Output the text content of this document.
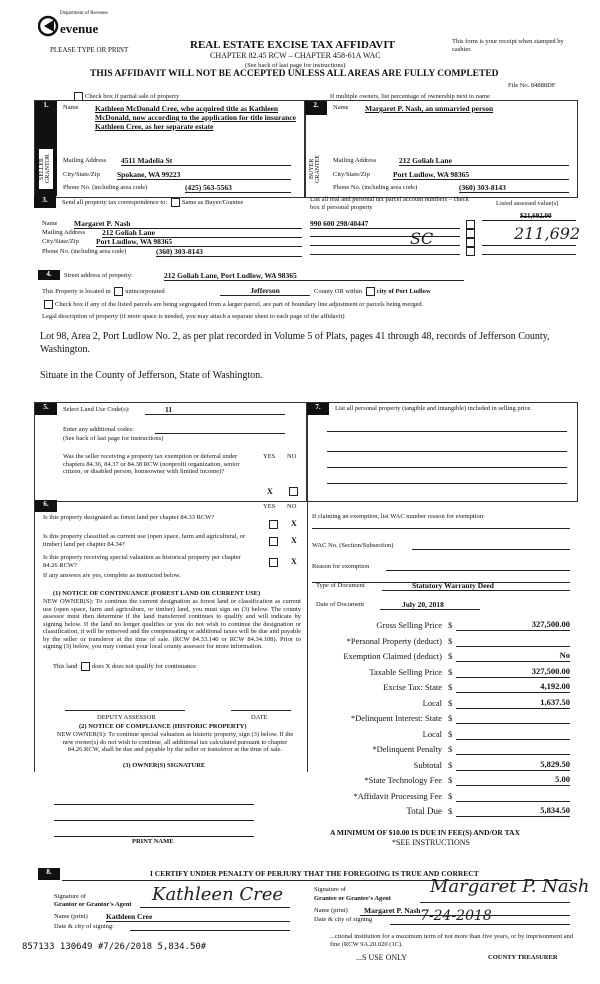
evenue
Department of Revenue
PLEASE TYPE OR PRINT	REAL ESTATE EXCISE TAX AFFIDAVIT
CHAPTER 82.45 RCW – CHAPTER 458-61A WAC
(See back of last page for instructions)
THIS AFFIDAVIT WILL NOT BE ACCEPTED UNLESS ALL AREAS ARE FULLY COMPLETED
This form is your receipt when stamped by cashier.
File No. 84888DF
Check box if partial sale of property	If multiple owners, list percentage of ownership next to name
1.
SELLER GRANTOR
Name Kathleen McDonald Cree, who acquired title as Kathleen McDonald, now according to the application for title insurance Kathleen Cree, as her separate estate
Mailing Address 4511 Madelia St
City/State/Zip Spokane, WA 99223
Phone No. (including area code)	(425) 563-5563
2.
BUYER GRANTEE
Name Margaret P. Nash, an unmarried person
Mailing Address	212 Goliah Lane
City/State/Zip	Port Ludlow, WA 98365
Phone No. (including area code)	(360) 303-8143
3.	Send all property tax correspondence to: Same as Buyer/Grantee
Name Margaret P. Nash
Mailing Address 212 Goliah Lane
City/State/Zip Port Ludlow, WA 98365
Phone No. (including area code)	(360) 303-8143
List all real and personal tax parcel account numbers – check box if personal property	Listed assessed value(s)
990 600 298/40447
$21,692.00
SC	211,692
4.	Street address of property:	212 Goliah Lane, Port Ludlow, WA 98365
This Property is located in unincorporated	Jefferson	County OR within city of Port Ludlow
Check box if any of the listed parcels are being segregated from a larger parcel, are part of boundary line adjustment or parcels being merged.
Legal description of property (if more space is needed, you may attach a separate sheet to each page of the affidavit)
Lot 98, Area 2, Port Ludlow No. 2, as per plat recorded in Volume 5 of Plats, pages 41 through 48, records of Jefferson County, Washington.
Situate in the County of Jefferson, State of Washington.
5.	Select Land Use Code(s):	11
Enter any additional codes:
(See back of last page for instructions)
Was the seller receiving a property tax exemption or deferral under chapters 84.36, 84.37 or 84.38 RCW (nonprofit organization, senior citizen, or disabled person, homeowner with limited income)?
YES NO
X
6.	YES NO
Is this property designated as forest land per chapter 84.33 RCW?
X
Is this property classified as current use (open space, farm and agricultural, or timber) land per chapter 84.34?	X
Is this property receiving special valuation as historical property per chapter 84.26 RCW?	X
If any answers are yes, complete as instructed below.
(1) NOTICE OF CONTINUANCE (FOREST LAND OR CURRENT USE)
NEW OWNER(S): To continue the current designation as forest land or classification as current use (open space, farm and agriculture, or timber) land, you must sign on (3) below. The county assessor must then determine if the land transferred continues to qualify and will indicate by signing below. If the land no longer qualifies or you do not wish to continue the designation or classification, it will be removed and the compensating or additional taxes will be due and payable by the seller or transferor at the time of sale. (RCW 84.33.140 or RCW 84.34.108). Prior to signing (3) below, you may contact your local county assessor for more information.
This land does X does not qualify for continuance
DEPUTY ASSESSOR	DATE
(2) NOTICE OF COMPLIANCE (HISTORIC PROPERTY)
NEW OWNER(S): To continue special valuation as historic property, sign (3) below. If the new owner(s) do not wish to continue, all additional tax calculated pursuant to chapter 84.26 RCW, shall be due and payable by the seller or transferor at the time of sale.
(3) OWNER(S) SIGNATURE
PRINT NAME
7.	List all personal property (tangible and intangible) included in selling price.
If claiming an exemption, list WAC number reason for exemption:
WAC No. (Section/Subsection)
Reason for exemption
Type of Document	Statutory Warranty Deed
Date of Document	July 20, 2018
Gross Selling Price $	327,500.00
*Personal Property (deduct) $
Exemption Claimed (deduct) $	No
Taxable Selling Price $	327,500.00
Excise Tax: State $	4,192.00
Local $	1,637.50
*Delinquent Interest: State $
Local $
*Delinquent Penalty $
Subtotal $	5,829.50
*State Technology Fee $	5.00
*Affidavit Processing Fee $
Total Due $	5,834.50
A MINIMUM OF $10.00 IS DUE IN FEE(S) AND/OR TAX
*SEE INSTRUCTIONS
8.	I CERTIFY UNDER PENALTY OF PERJURY THAT THE FOREGOING IS TRUE AND CORRECT
Signature of
Grantor or Grantor's Agent Kathleen Cree
Name (print) Kathleen Cree
Date & city of signing:
Signature of
Grantee or Grantee's Agent
Margaret P. Nash
Name (print)	Margaret P. Nash
Date & city of signing	7-24-2018
...ctional institution for a maximum term of not more than five years, or by imprisonment and fine (RCW 9A.20.020 (1C).
857133 130649 #7/26/2018 5,834.50#
...S USE ONLY	COUNTY TREASURER
